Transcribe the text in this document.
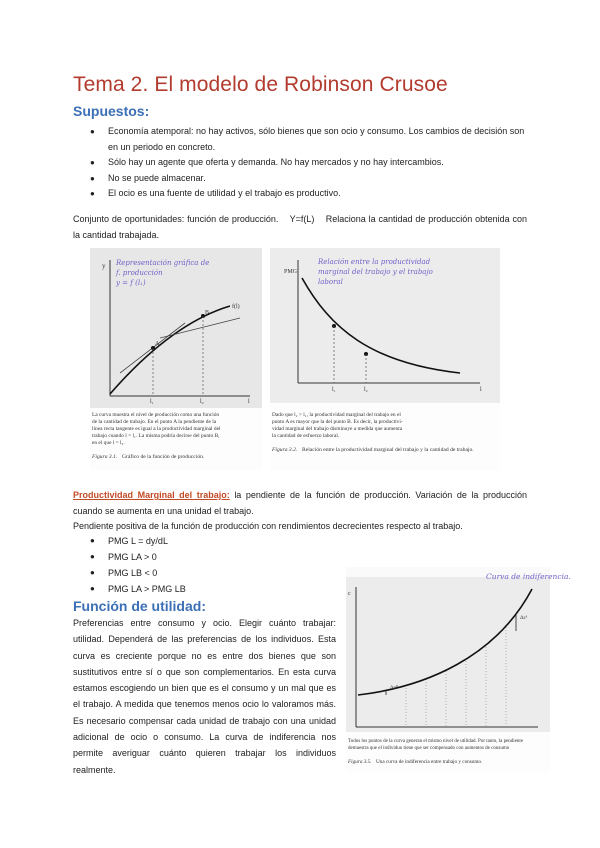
Tema 2. El modelo de Robinson Crusoe
Supuestos:
● Economía atemporal: no hay activos, sólo bienes que son ocio y consumo. Los cambios de decisión son en un periodo en concreto.
● Sólo hay un agente que oferta y demanda. No hay mercados y no hay intercambios.
● No se puede almacenar.
● El ocio es una fuente de utilidad y el trabajo es productivo.

Conjunto de oportunidades: función de producción. Y=f(L) Relaciona la cantidad de producción obtenida con la cantidad trabajada.

y
f(l)
A
B
l₁	l₂	l
Representación gráfica de
f. producción
y = f (l₁)
La curva muestra el nivel de producción como una función
de la cantidad de trabajo. En el punto A la pendiente de la
línea recta tangente es igual a la productividad marginal del
trabajo cuando l = l₁. La misma podría decirse del punto B,
en el que l = l₂.
Figura 3.1. Gráfico de la función de producción.
PMG
l₁	l₂	l
Relación entre la productividad
marginal del trabajo y el trabajo
laboral
Dado que l₂ > l₁, la productividad marginal del trabajo en el
punto A es mayor que la del punto B. Es decir, la productivi-
vidad marginal del trabajo disminuye a medida que aumenta
la cantidad de esfuerzo laboral.
Figura 3.2. Relación entre la productividad marginal del trabajo y la cantidad de trabajo.

Productividad Marginal del trabajo: la pendiente de la función de producción. Variación de la producción cuando se aumenta en una unidad el trabajo.

Pendiente positiva de la función de producción con rendimientos decrecientes respecto al trabajo.

● PMG L = dy/dL
● PMG LA > 0
● PMG LB < 0
● PMG LA > PMG LB
Función de utilidad:

Preferencias entre consumo y ocio. Elegir cuánto trabajar: utilidad. Dependerá de las preferencias de los individuos. Esta curva es creciente porque no es entre dos bienes que son sustitutivos entre sí o que son complementarios. En esta curva estamos escogiendo un bien que es el consumo y un mal que es el trabajo. A medida que tenemos menos ocio lo valoramos más. Es necesario compensar cada unidad de trabajo con una unidad adicional de ocio o consumo. La curva de indiferencia nos permite averiguar cuánto quieren trabajar los individuos realmente.

c
Δc¹
Δc⁰
Curva de indiferencia.
Todos los puntos de la curva generan el mismo nivel de utilidad. Por tanto, la pendiente
demuestra que el individuo tiene que ser compensado con aumentos de consumo
Figura 3.5. Una curva de indiferencia entre trabajo y consumo.
